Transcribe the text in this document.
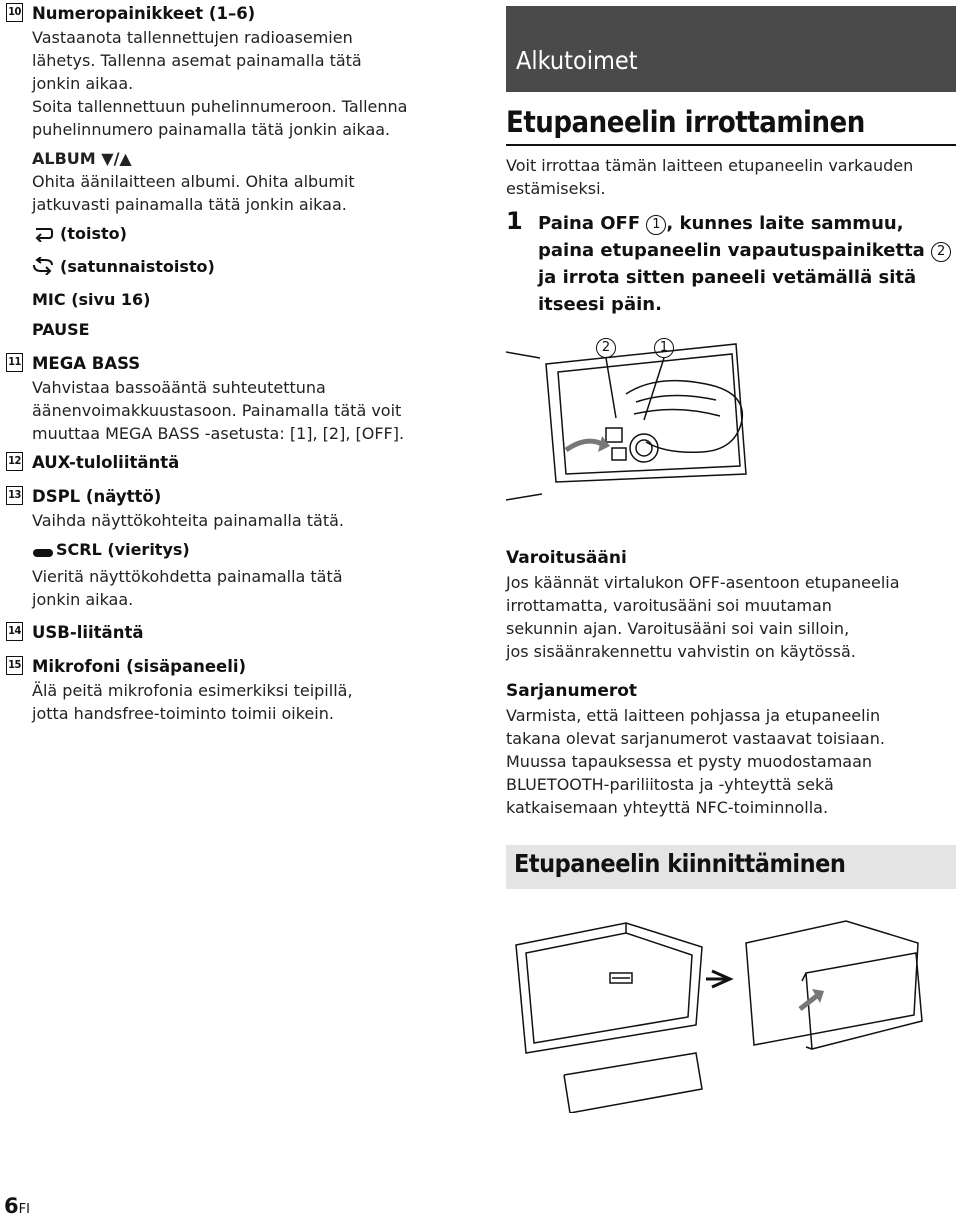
10 Numeropainikkeet (1–6)
Vastaanota tallennettujen radioasemien
lähetys. Tallenna asemat painamalla tätä
jonkin aikaa.
Soita tallennettuun puhelinnumeroon. Tallenna
puhelinnumero painamalla tätä jonkin aikaa.
ALBUM ▼/▲
Ohita äänilaitteen albumi. Ohita albumit
jatkuvasti painamalla tätä jonkin aikaa.
(toisto)
(satunnaistoisto)
MIC (sivu 16)
PAUSE
11 MEGA BASS
Vahvistaa bassoääntä suhteutettuna
äänenvoimakkuustasoon. Painamalla tätä voit
muuttaa MEGA BASS -asetusta: [1], [2], [OFF].
12 AUX-tuloliitäntä
13 DSPL (näyttö)
Vaihda näyttökohteita painamalla tätä.
SCRL (vieritys)
Vieritä näyttökohdetta painamalla tätä
jonkin aikaa.
14 USB-liitäntä
15 Mikrofoni (sisäpaneeli)
Älä peitä mikrofonia esimerkiksi teipillä,
jotta handsfree-toiminto toimii oikein.
Alkutoimet
Etupaneelin irrottaminen
Voit irrottaa tämän laitteen etupaneelin varkauden
estämiseksi.
1 Paina OFF 1 , kunnes laite sammuu,
paina etupaneelin vapautuspainiketta 2
ja irrota sitten paneeli vetämällä sitä
itseesi päin.
2	1
Varoitusääni
Jos käännät virtalukon OFF-asentoon etupaneelia
irrottamatta, varoitusääni soi muutaman
sekunnin ajan. Varoitusääni soi vain silloin,
jos sisäänrakennettu vahvistin on käytössä.
Sarjanumerot
Varmista, että laitteen pohjassa ja etupaneelin
takana olevat sarjanumerot vastaavat toisiaan.
Muussa tapauksessa et pysty muodostamaan
BLUETOOTH-pariliitosta ja -yhteyttä sekä
katkaisemaan yhteyttä NFC-toiminnolla.
Etupaneelin kiinnittäminen
6FI
